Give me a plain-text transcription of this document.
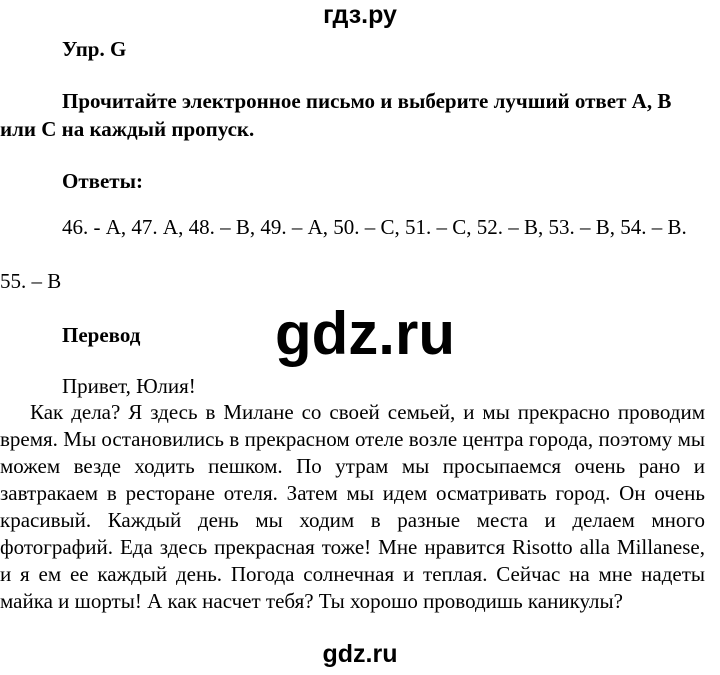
гдз.ру
Упр. G

Прочитайте электронное письмо и выберите лучший ответ А, В или С на каждый пропуск.

Ответы:

46. - А, 47. А, 48. – В, 49. – А, 50. – С, 51. – С, 52. – В, 53. – В, 54. – В.

55. – В
Перевод gdz.ru
Привет, Юлия!

Как дела? Я здесь в Милане со своей семьей, и мы прекрасно проводим время. Мы остановились в прекрасном отеле возле центра города, поэтому мы можем везде ходить пешком. По утрам мы просыпаемся очень рано и завтракаем в ресторане отеля. Затем мы идем осматривать город. Он очень красивый. Каждый день мы ходим в разные места и делаем много фотографий. Еда здесь прекрасная тоже! Мне нравится Risotto alla Millanese, и я ем ее каждый день. Погода солнечная и теплая. Сейчас на мне надеты майка и шорты! А как насчет тебя? Ты хорошо проводишь каникулы?

gdz.ru
